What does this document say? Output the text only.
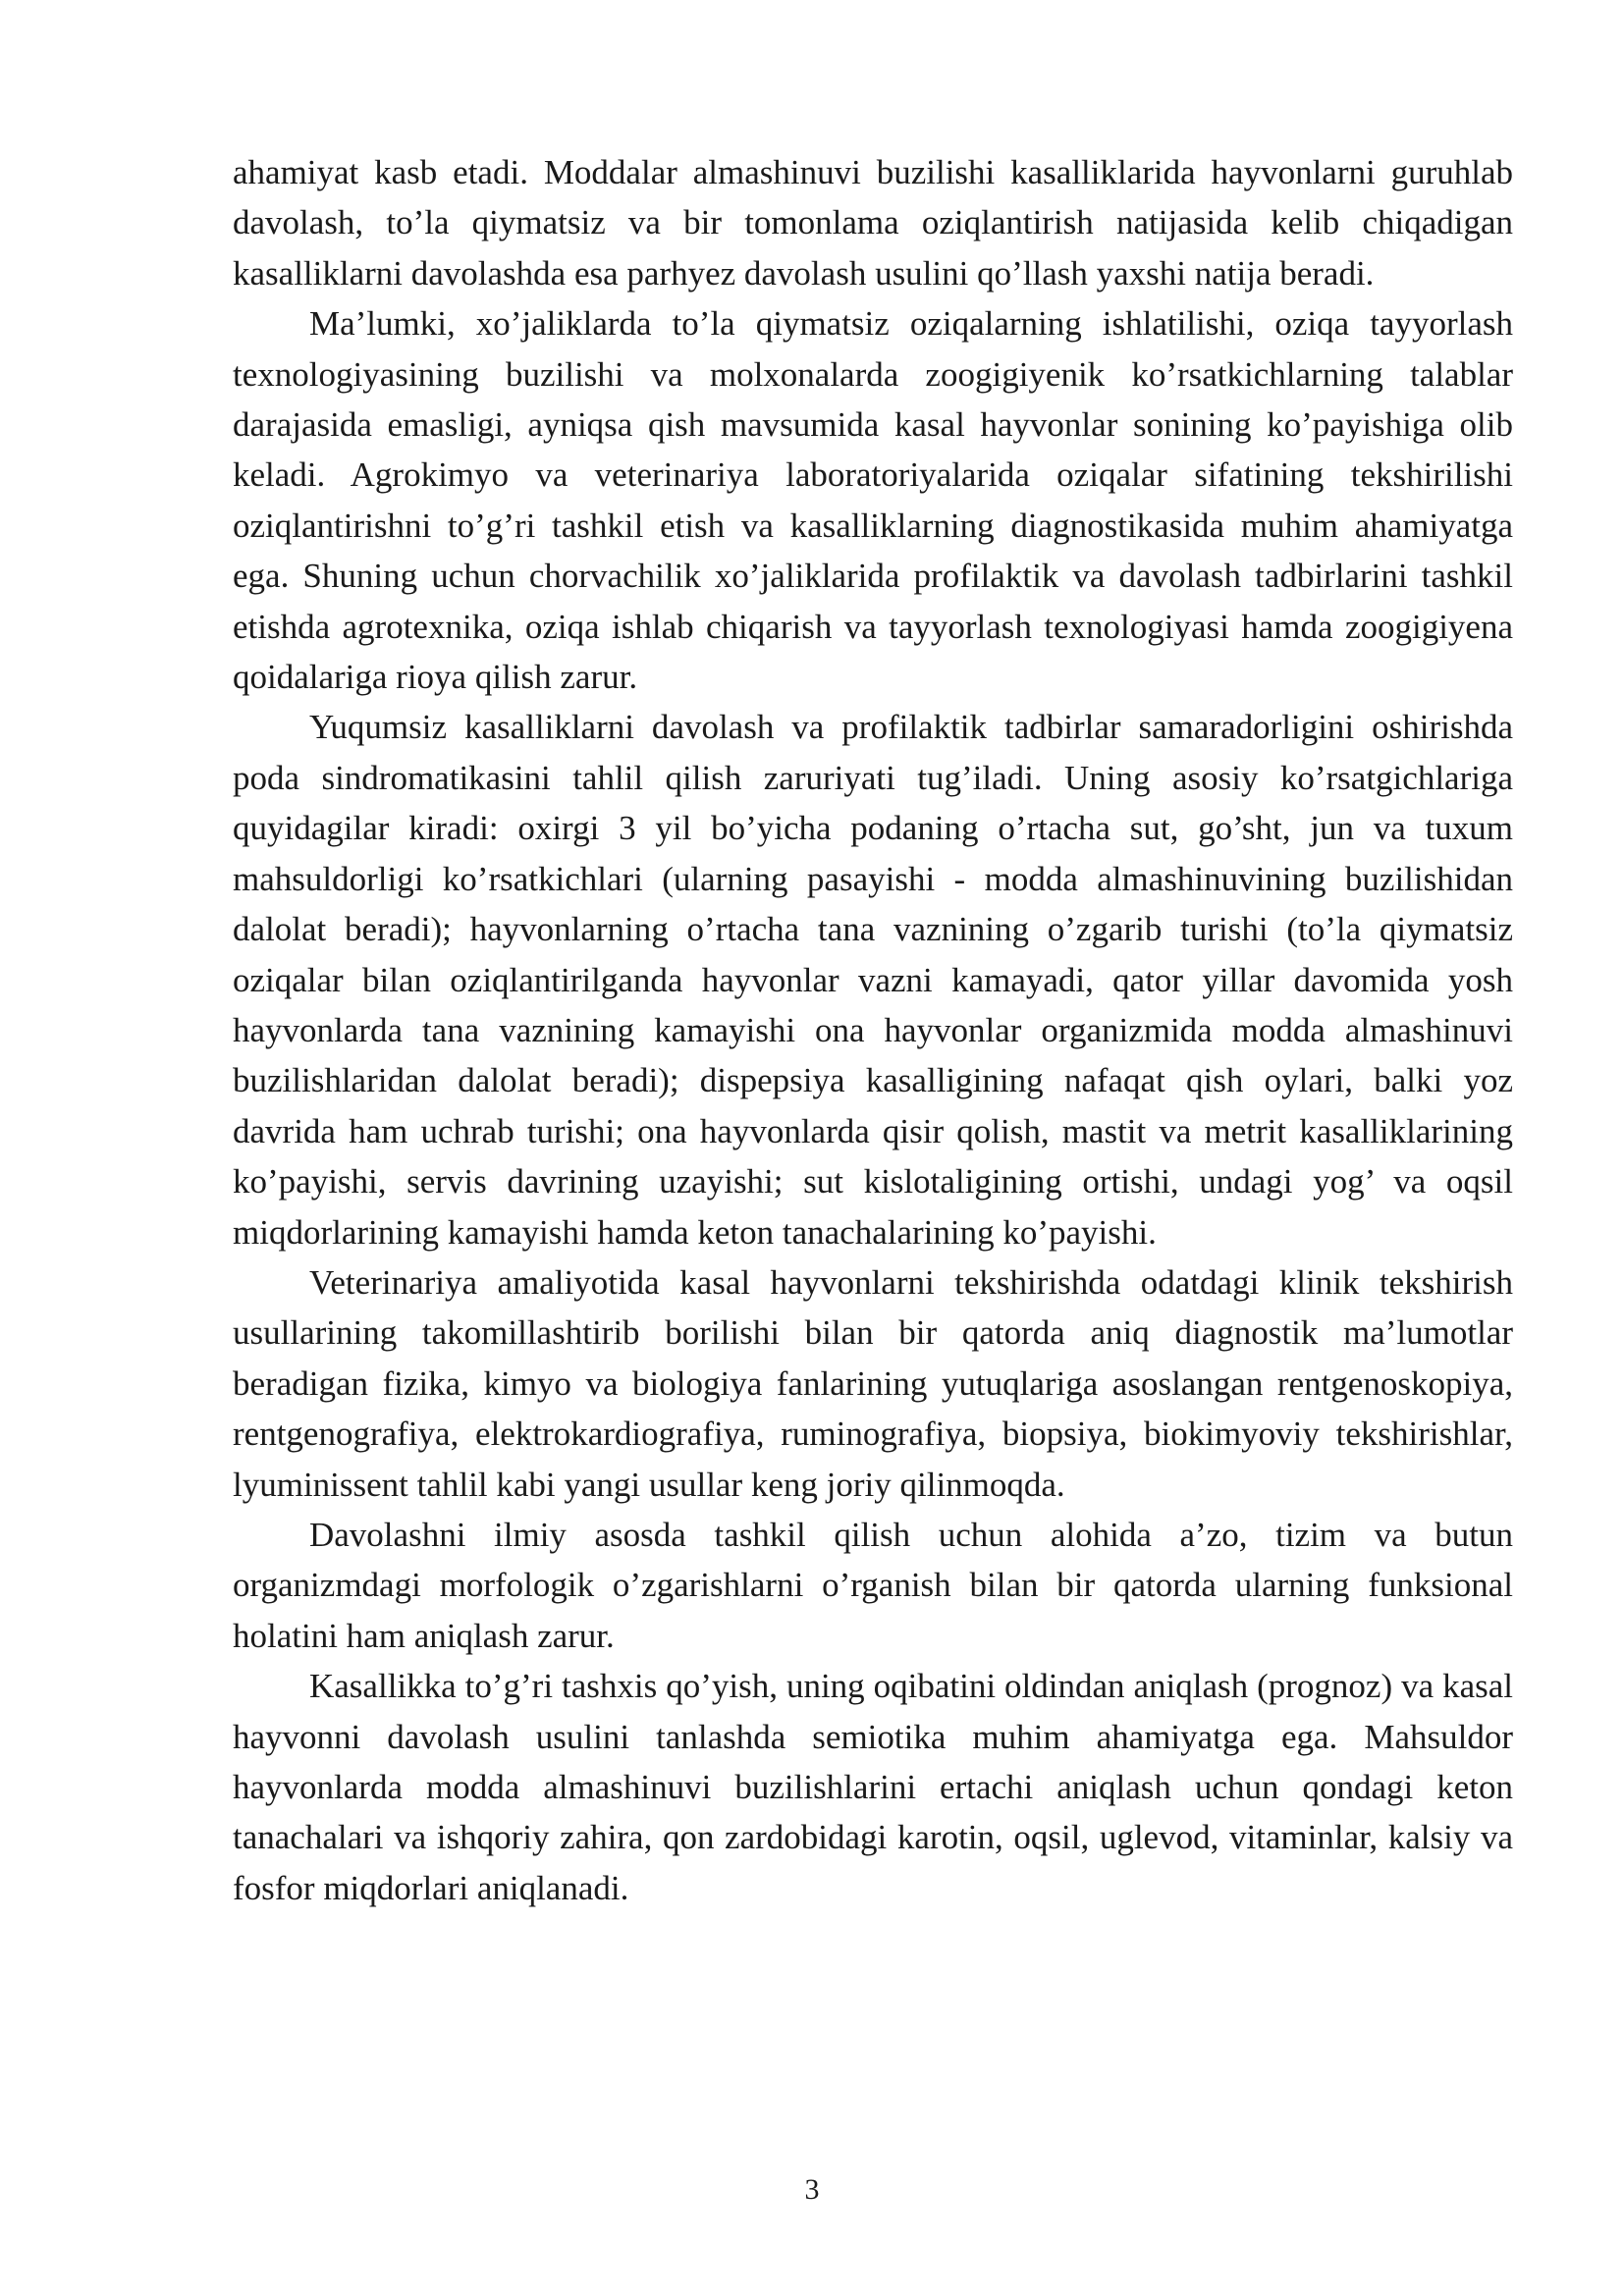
ahamiyat kasb etadi. Moddalar almashinuvi buzilishi kasalliklarida hayvonlarni guruhlab davolash, to’la qiymatsiz va bir tomonlama oziqlantirish natijasida kelib chiqadigan kasalliklarni davolashda esa parhyez davolash usulini qo’llash yaxshi natija beradi.

Ma’lumki, xo’jaliklarda to’la qiymatsiz oziqalarning ishlatilishi, oziqa tayyorlash texnologiyasining buzilishi va molxonalarda zoogigiyenik ko’rsatkichlarning talablar darajasida emasligi, ayniqsa qish mavsumida kasal hayvonlar sonining ko’payishiga olib keladi. Agrokimyo va veterinariya laboratoriyalarida oziqalar sifatining tekshirilishi oziqlantirishni to’g’ri tashkil etish va kasalliklarning diagnostikasida muhim ahamiyatga ega. Shuning uchun chorvachilik xo’jaliklarida profilaktik va davolash tadbirlarini tashkil etishda agrotexnika, oziqa ishlab chiqarish va tayyorlash texnologiyasi hamda zoogigiyena qoidalariga rioya qilish zarur.

Yuqumsiz kasalliklarni davolash va profilaktik tadbirlar samaradorligini oshirishda poda sindromatikasini tahlil qilish zaruriyati tug’iladi. Uning asosiy ko’rsatgichlariga quyidagilar kiradi: oxirgi 3 yil bo’yicha podaning o’rtacha sut, go’sht, jun va tuxum mahsuldorligi ko’rsatkichlari (ularning pasayishi - modda almashinuvining buzilishidan dalolat beradi); hayvonlarning o’rtacha tana vaznining o’zgarib turishi (to’la qiymatsiz oziqalar bilan oziqlantirilganda hayvonlar vazni kamayadi, qator yillar davomida yosh hayvonlarda tana vaznining kamayishi ona hayvonlar organizmida modda almashinuvi buzilishlaridan dalolat beradi); dispepsiya kasalligining nafaqat qish oylari, balki yoz davrida ham uchrab turishi; ona hayvonlarda qisir qolish, mastit va metrit kasalliklarining ko’payishi, servis davrining uzayishi; sut kislotaligining ortishi, undagi yog’ va oqsil miqdorlarining kamayishi hamda keton tanachalarining ko’payishi.

Veterinariya amaliyotida kasal hayvonlarni tekshirishda odatdagi klinik tekshirish usullarining takomillashtirib borilishi bilan bir qatorda aniq diagnostik ma’lumotlar beradigan fizika, kimyo va biologiya fanlarining yutuqlariga asoslangan rentgenoskopiya, rentgenografiya, elektrokardiografiya, ruminografiya, biopsiya, biokimyoviy tekshirishlar, lyuminissent tahlil kabi yangi usullar keng joriy qilinmoqda.

Davolashni ilmiy asosda tashkil qilish uchun alohida a’zo, tizim va butun organizmdagi morfologik o’zgarishlarni o’rganish bilan bir qatorda ularning funksional holatini ham aniqlash zarur.

Kasallikka to’g’ri tashxis qo’yish, uning oqibatini oldindan aniqlash (prognoz) va kasal hayvonni davolash usulini tanlashda semiotika muhim ahamiyatga ega. Mahsuldor hayvonlarda modda almashinuvi buzilishlarini ertachi aniqlash uchun qondagi keton tanachalari va ishqoriy zahira, qon zardobidagi karotin, oqsil, uglevod, vitaminlar, kalsiy va fosfor miqdorlari aniqlanadi.

3
